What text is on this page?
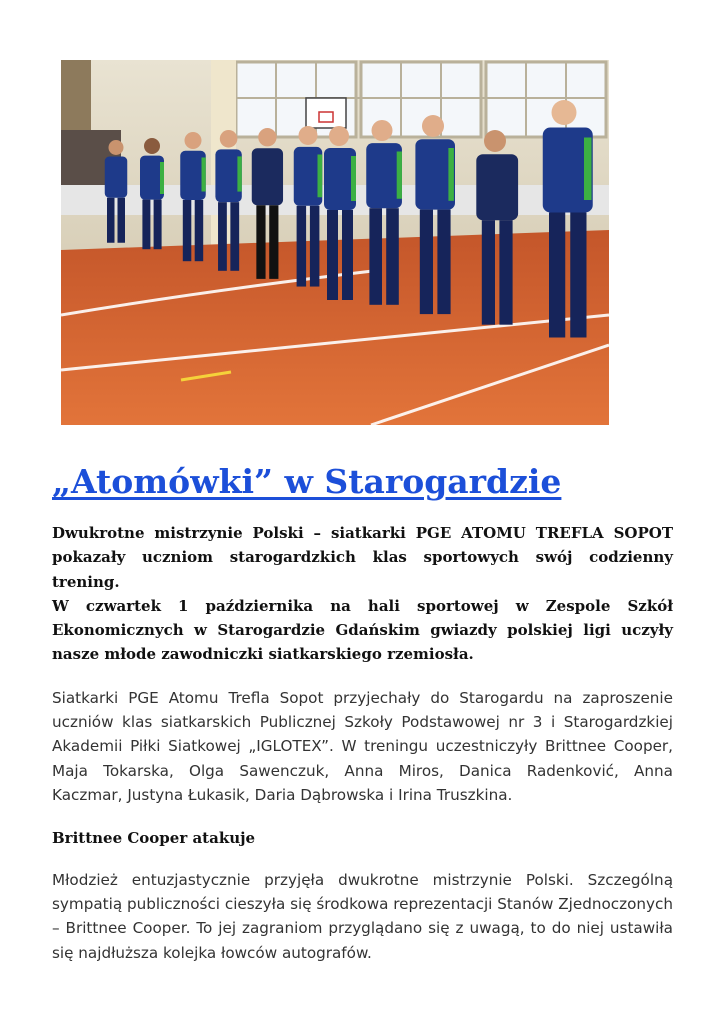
„Atomówki” w Starogardzie

Dwukrotne mistrzynie Polski – siatkarki PGE ATOMU TREFLA SOPOT
pokazały uczniom starogardzkich klas sportowych swój codzienny trening.
W czwartek 1 października na hali sportowej w Zespole Szkół
Ekonomicznych w Starogardzie Gdańskim gwiazdy polskiej ligi uczyły
nasze młode zawodniczki siatkarskiego rzemiosła.

Siatkarki PGE Atomu Trefla Sopot przyjechały do Starogardu na zaproszenie
uczniów klas siatkarskich Publicznej Szkoły Podstawowej nr 3 i Starogardzkiej
Akademii Piłki Siatkowej „IGLOTEX”. W treningu uczestniczyły Brittnee Cooper,
Maja Tokarska, Olga Sawenczuk, Anna Miros, Danica Radenković, Anna
Kaczmar, Justyna Łukasik, Daria Dąbrowska i Irina Truszkina.

Brittnee Cooper atakuje

Młodzież entuzjastycznie przyjęła dwukrotne mistrzynie Polski. Szczególną
sympatią publiczności cieszyła się środkowa reprezentacji Stanów Zjednoczonych
– Brittnee Cooper. To jej zagraniom przyglądano się z uwagą, to do niej ustawiła
się najdłuższa kolejka łowców autografów.
